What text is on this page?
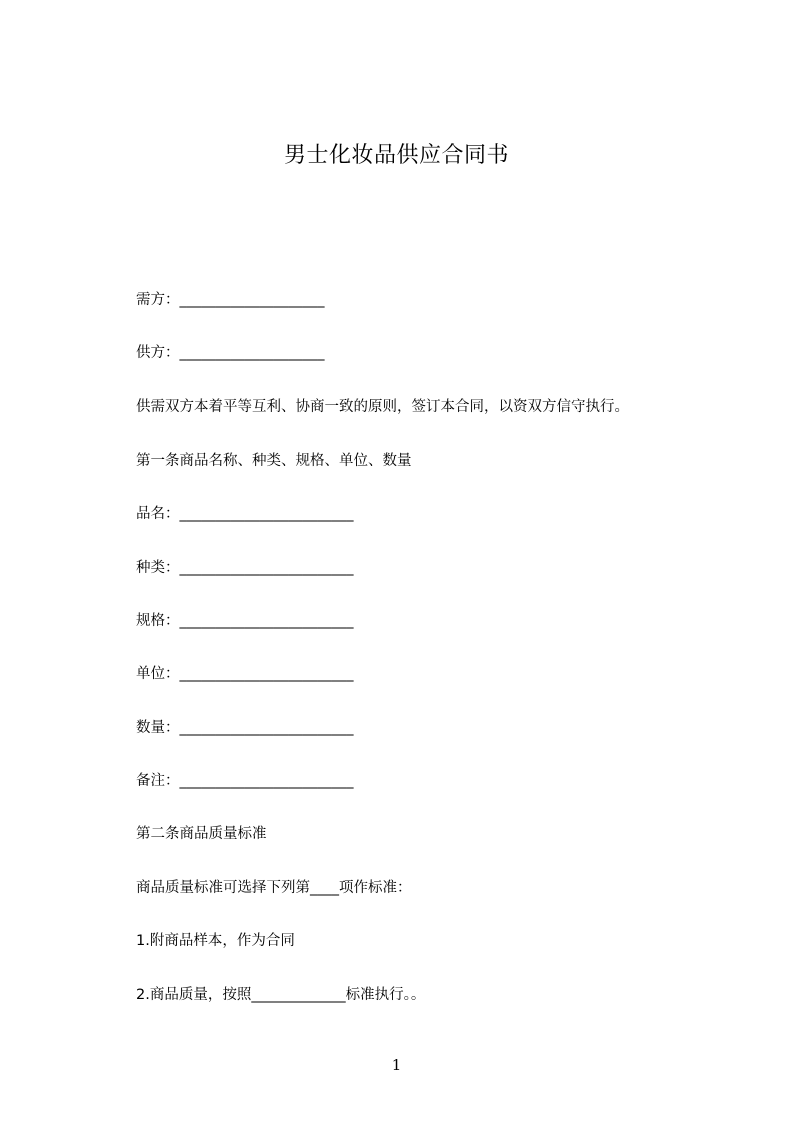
男士化妆品供应合同书
需方：____________________
供方：____________________
供需双方本着平等互利、协商一致的原则，签订本合同，以资双方信守执行。
第一条商品名称、种类、规格、单位、数量
品名：________________________
种类：________________________
规格：________________________
单位：________________________
数量：________________________
备注：________________________
第二条商品质量标准
商品质量标准可选择下列第____项作标准：
1.附商品样本，作为合同
2.商品质量，按照_____________标准执行。。
1
